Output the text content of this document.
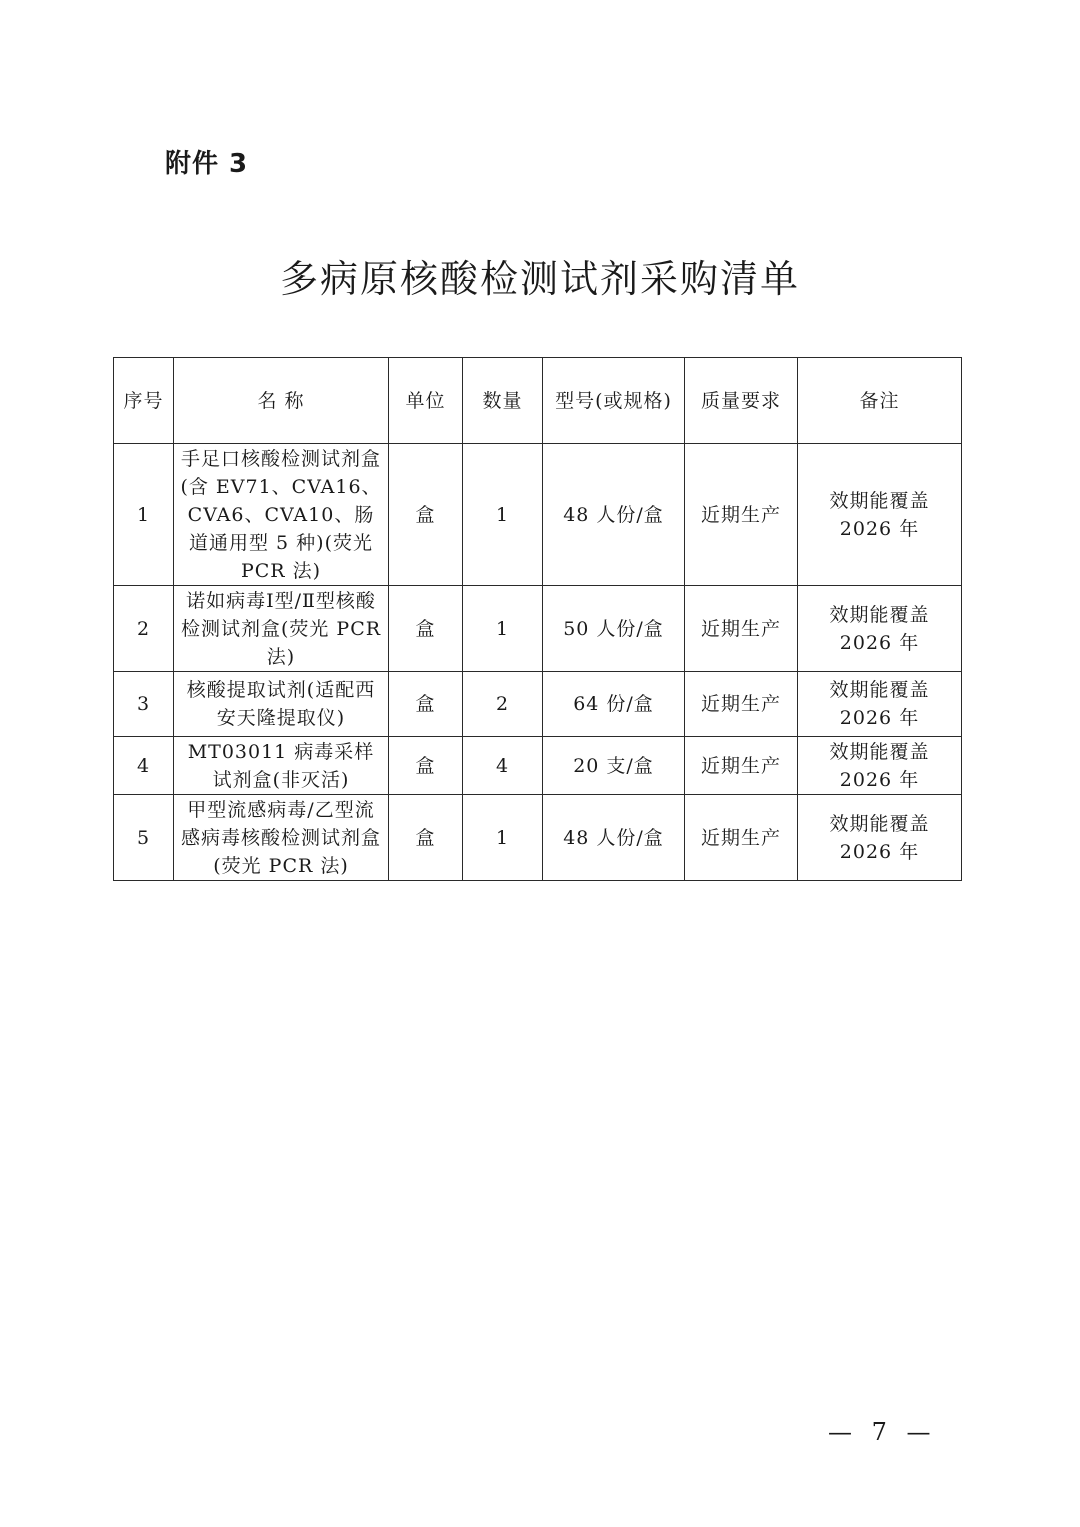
附件 3
多病原核酸检测试剂采购清单
序号	名 称	单位	数量	型号(或规格)	质量要求	备注
1	手足口核酸检测试剂盒(含 EV71、CVA16、CVA6、CVA10、肠道通用型 5 种)(荧光 PCR 法)	盒	1	48 人份/盒	近期生产	效期能覆盖 2026 年
2	诺如病毒Ⅰ型/Ⅱ型核酸检测试剂盒(荧光 PCR 法)	盒	1	50 人份/盒	近期生产	效期能覆盖 2026 年
3	核酸提取试剂(适配西安天隆提取仪)	盒	2	64 份/盒	近期生产	效期能覆盖 2026 年
4	MT03011 病毒采样试剂盒(非灭活)	盒	4	20 支/盒	近期生产	效期能覆盖 2026 年
5	甲型流感病毒/乙型流感病毒核酸检测试剂盒(荧光 PCR 法)	盒	1	48 人份/盒	近期生产	效期能覆盖 2026 年
— 7 —
